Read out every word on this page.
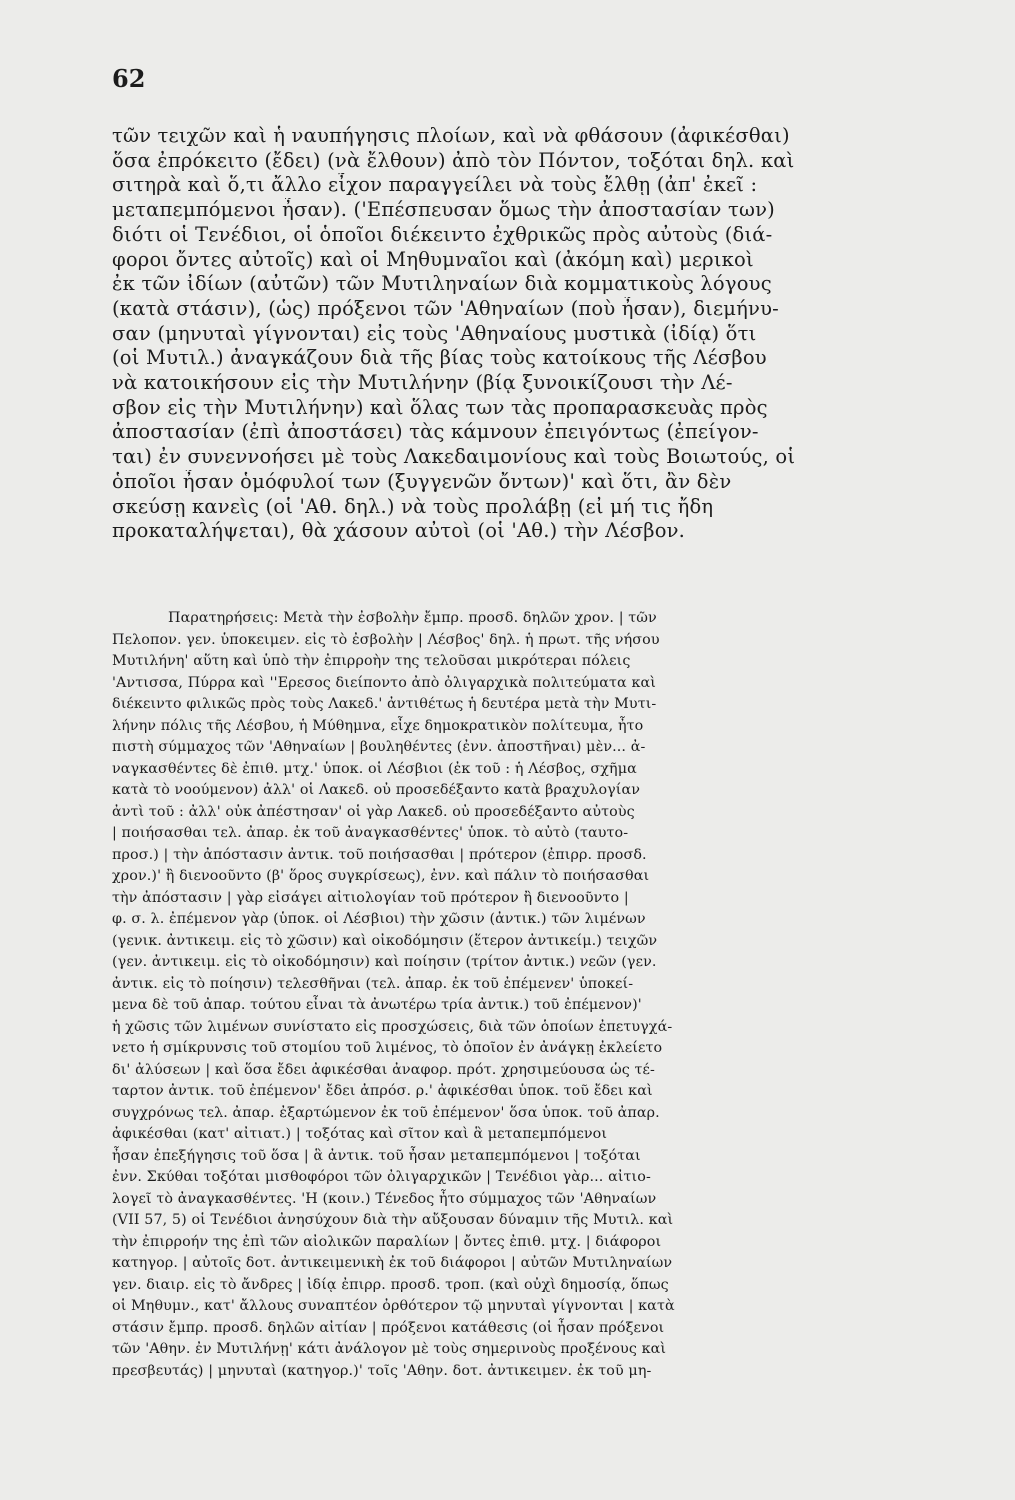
62
τῶν τειχῶν καὶ ἡ ναυπήγησις πλοίων, καὶ νὰ φθάσουν (ἀφικέσθαι)
ὅσα ἐπρόκειτο (ἔδει) (νὰ ἔλθουν) ἀπὸ τὸν Πόντον, τοξόται δηλ. καὶ
σιτηρὰ καὶ ὅ,τι ἄλλο εἶχον παραγγείλει νὰ τοὺς ἔλθῃ (ἀπ' ἐκεῖ :
μεταπεμπόμενοι ἦσαν). ('Επέσπευσαν ὅμως τὴν ἀποστασίαν των)
διότι οἱ Τενέδιοι, οἱ ὁποῖοι διέκειντο ἐχθρικῶς πρὸς αὐτοὺς (διά-
φοροι ὄντες αὐτοῖς) καὶ οἱ Μηθυμναῖοι καὶ (ἀκόμη καὶ) μερικοὶ
ἐκ τῶν ἰδίων (αὐτῶν) τῶν Μυτιληναίων διὰ κομματικοὺς λόγους
(κατὰ στάσιν), (ὡς) πρόξενοι τῶν 'Αθηναίων (ποὺ ἦσαν), διεμήνυ-
σαν (μηνυταὶ γίγνονται) εἰς τοὺς 'Αθηναίους μυστικὰ (ἰδίᾳ) ὅτι
(οἱ Μυτιλ.) ἀναγκάζουν διὰ τῆς βίας τοὺς κατοίκους τῆς Λέσβου
νὰ κατοικήσουν εἰς τὴν Μυτιλήνην (βίᾳ ξυνοικίζουσι τὴν Λέ-
σβον εἰς τὴν Μυτιλήνην) καὶ ὅλας των τὰς προπαρασκευὰς πρὸς
ἀποστασίαν (ἐπὶ ἀποστάσει) τὰς κάμνουν ἐπειγόντως (ἐπείγον-
ται) ἐν συνεννοήσει μὲ τοὺς Λακεδαιμονίους καὶ τοὺς Βοιωτούς, οἱ
ὁποῖοι ἦσαν ὁμόφυλοί των (ξυγγενῶν ὄντων)' καὶ ὅτι, ἂν δὲν
σκεύσῃ κανεὶς (οἱ 'Αθ. δηλ.) νὰ τοὺς προλάβῃ (εἰ μή τις ἤδη
προκαταλήψεται), θὰ χάσουν αὐτοὶ (οἱ 'Αθ.) τὴν Λέσβον.
Παρατηρήσεις: Μετὰ τὴν ἐσβολὴν ἔμπρ. προσδ. δηλῶν χρον. | τῶν
Πελοπον. γεν. ὑποκειμεν. εἰς τὸ ἐσβολὴν | Λέσβος' δηλ. ἡ πρωτ. τῆς νήσου
Μυτιλήνη' αὕτη καὶ ὑπὸ τὴν ἐπιρροὴν της τελοῦσαι μικρότεραι πόλεις
'Αντισσα, Πύρρα καὶ ''Ερεσος διείποντο ἀπὸ ὀλιγαρχικὰ πολιτεύματα καὶ
διέκειντο φιλικῶς πρὸς τοὺς Λακεδ.' ἀντιθέτως ἡ δευτέρα μετὰ τὴν Μυτι-
λήνην πόλις τῆς Λέσβου, ἡ Μύθημνα, εἶχε δημοκρατικὸν πολίτευμα, ἦτο
πιστὴ σύμμαχος τῶν 'Αθηναίων | βουληθέντες (ἐνν. ἀποστῆναι) μὲν... ἀ-
ναγκασθέντες δὲ ἐπιθ. μτχ.' ὑποκ. οἱ Λέσβιοι (ἐκ τοῦ : ἡ Λέσβος, σχῆμα
κατὰ τὸ νοούμενον) ἀλλ' οἱ Λακεδ. οὐ προσεδέξαντο κατὰ βραχυλογίαν
ἀντὶ τοῦ : ἀλλ' οὐκ ἀπέστησαν' οἱ γὰρ Λακεδ. οὐ προσεδέξαντο αὐτοὺς
| ποιήσασθαι τελ. ἀπαρ. ἐκ τοῦ ἀναγκασθέντες' ὑποκ. τὸ αὐτὸ (ταυτο-
προσ.) | τὴν ἀπόστασιν ἀντικ. τοῦ ποιήσασθαι | πρότερον (ἐπιρρ. προσδ.
χρον.)' ἢ διενοοῦντο (β' ὅρος συγκρίσεως), ἐνν. καὶ πάλιν τὸ ποιήσασθαι
τὴν ἀπόστασιν | γὰρ εἰσάγει αἰτιολογίαν τοῦ πρότερον ἢ διενοοῦντο |
φ. σ. λ. ἐπέμενον γὰρ (ὑποκ. οἱ Λέσβιοι) τὴν χῶσιν (ἀντικ.) τῶν λιμένων
(γενικ. ἀντικειμ. εἰς τὸ χῶσιν) καὶ οἰκοδόμησιν (ἕτερον ἀντικείμ.) τειχῶν
(γεν. ἀντικειμ. εἰς τὸ οἰκοδόμησιν) καὶ ποίησιν (τρίτον ἀντικ.) νεῶν (γεν.
ἀντικ. εἰς τὸ ποίησιν) τελεσθῆναι (τελ. ἀπαρ. ἐκ τοῦ ἐπέμενεν' ὑποκεί-
μενα δὲ τοῦ ἀπαρ. τούτου εἶναι τὰ ἀνωτέρω τρία ἀντικ.) τοῦ ἐπέμενον)'
ἡ χῶσις τῶν λιμένων συνίστατο εἰς προσχώσεις, διὰ τῶν ὁποίων ἐπετυγχά-
νετο ἡ σμίκρυνσις τοῦ στομίου τοῦ λιμένος, τὸ ὁποῖον ἐν ἀνάγκῃ ἐκλείετο
δι' ἀλύσεων | καὶ ὅσα ἔδει ἀφικέσθαι ἀναφορ. πρότ. χρησιμεύουσα ὡς τέ-
ταρτον ἀντικ. τοῦ ἐπέμενον' ἔδει ἀπρόσ. ρ.' ἀφικέσθαι ὑποκ. τοῦ ἔδει καὶ
συγχρόνως τελ. ἀπαρ. ἐξαρτώμενον ἐκ τοῦ ἐπέμενον' ὅσα ὑποκ. τοῦ ἀπαρ.
ἀφικέσθαι (κατ' αἰτιατ.) | τοξότας καὶ σῖτον καὶ ἃ μεταπεμπόμενοι
ἦσαν ἐπεξήγησις τοῦ ὅσα | ἃ ἀντικ. τοῦ ἦσαν μεταπεμπόμενοι | τοξόται
ἐνν. Σκύθαι τοξόται μισθοφόροι τῶν ὀλιγαρχικῶν | Τενέδιοι γὰρ... αἰτιο-
λογεῖ τὸ ἀναγκασθέντες. 'Η (κοιν.) Τένεδος ἦτο σύμμαχος τῶν 'Αθηναίων
(VII 57, 5) οἱ Τενέδιοι ἀνησύχουν διὰ τὴν αὔξουσαν δύναμιν τῆς Μυτιλ. καὶ
τὴν ἐπιρροήν της ἐπὶ τῶν αἰολικῶν παραλίων | ὄντες ἐπιθ. μτχ. | διάφοροι
κατηγορ. | αὐτοῖς δοτ. ἀντικειμενικὴ ἐκ τοῦ διάφοροι | αὐτῶν Μυτιληναίων
γεν. διαιρ. εἰς τὸ ἄνδρες | ἰδίᾳ ἐπιρρ. προσδ. τροπ. (καὶ οὐχὶ δημοσίᾳ, ὅπως
οἱ Μηθυμν., κατ' ἄλλους συναπτέον ὀρθότερον τῷ μηνυταὶ γίγνονται | κατὰ
στάσιν ἔμπρ. προσδ. δηλῶν αἰτίαν | πρόξενοι κατάθεσις (οἱ ἦσαν πρόξενοι
τῶν 'Αθην. ἐν Μυτιλήνῃ' κάτι ἀνάλογον μὲ τοὺς σημερινοὺς προξένους καὶ
πρεσβευτάς) | μηνυταὶ (κατηγορ.)' τοῖς 'Αθην. δοτ. ἀντικειμεν. ἐκ τοῦ μη-
